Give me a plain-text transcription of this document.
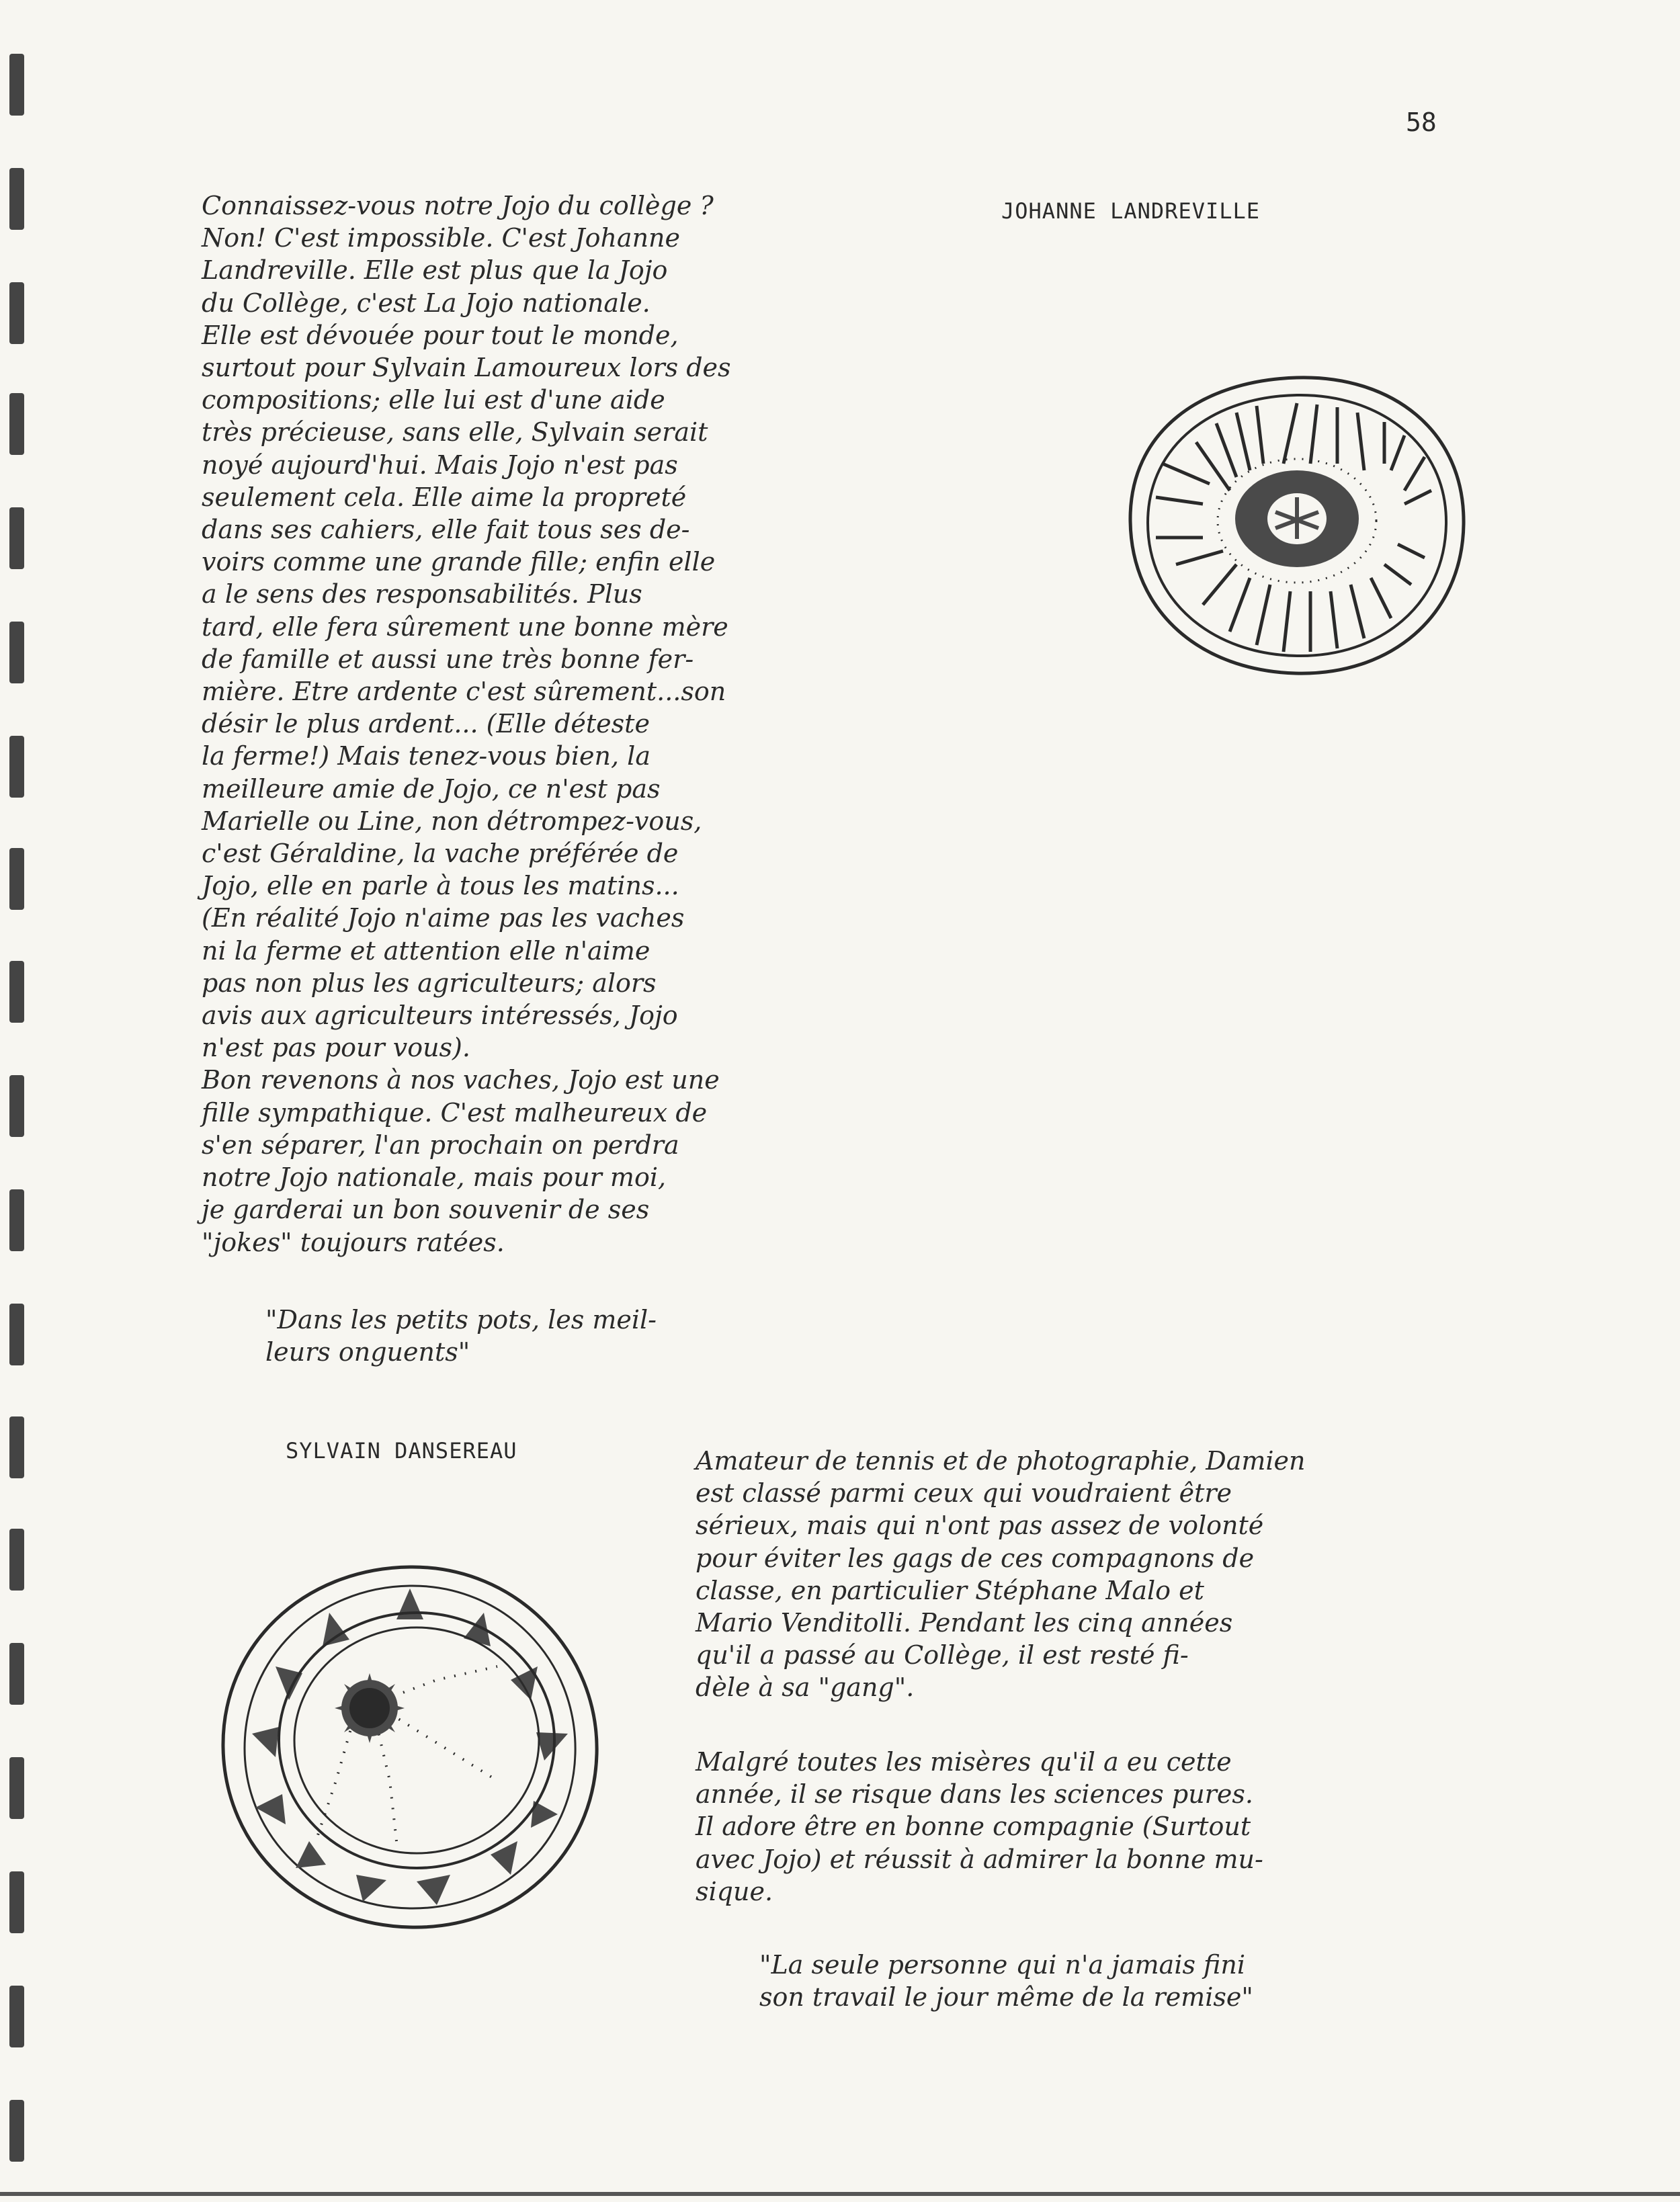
58
JOHANNE LANDREVILLE

Connaissez-vous notre Jojo du collège ?
Non! C'est impossible. C'est Johanne
Landreville. Elle est plus que la Jojo
du Collège, c'est La Jojo nationale.
Elle est dévouée pour tout le monde,
surtout pour Sylvain Lamoureux lors des
compositions; elle lui est d'une aide
très précieuse, sans elle, Sylvain serait
noyé aujourd'hui. Mais Jojo n'est pas
seulement cela. Elle aime la propreté
dans ses cahiers, elle fait tous ses de-
voirs comme une grande fille; enfin elle
a le sens des responsabilités. Plus
tard, elle fera sûrement une bonne mère
de famille et aussi une très bonne fer-
mière. Etre ardente c'est sûrement...son
désir le plus ardent... (Elle déteste
la ferme!) Mais tenez-vous bien, la
meilleure amie de Jojo, ce n'est pas
Marielle ou Line, non détrompez-vous,
c'est Géraldine, la vache préférée de
Jojo, elle en parle à tous les matins...
(En réalité Jojo n'aime pas les vaches
ni la ferme et attention elle n'aime
pas non plus les agriculteurs; alors
avis aux agriculteurs intéressés, Jojo
n'est pas pour vous).
Bon revenons à nos vaches, Jojo est une
fille sympathique. C'est malheureux de
s'en séparer, l'an prochain on perdra
notre Jojo nationale, mais pour moi,
je garderai un bon souvenir de ses
"jokes" toujours ratées.

"Dans les petits pots, les meil-
leurs onguents"

SYLVAIN DANSEREAU	Amateur de tennis et de photographie, Damien
est classé parmi ceux qui voudraient être
sérieux, mais qui n'ont pas assez de volonté
pour éviter les gags de ces compagnons de
classe, en particulier Stéphane Malo et
Mario Venditolli. Pendant les cinq années
qu'il a passé au Collège, il est resté fi-
dèle à sa "gang".

Malgré toutes les misères qu'il a eu cette
année, il se risque dans les sciences pures.
Il adore être en bonne compagnie (Surtout
avec Jojo) et réussit à admirer la bonne mu-
sique.

"La seule personne qui n'a jamais fini
son travail le jour même de la remise"
